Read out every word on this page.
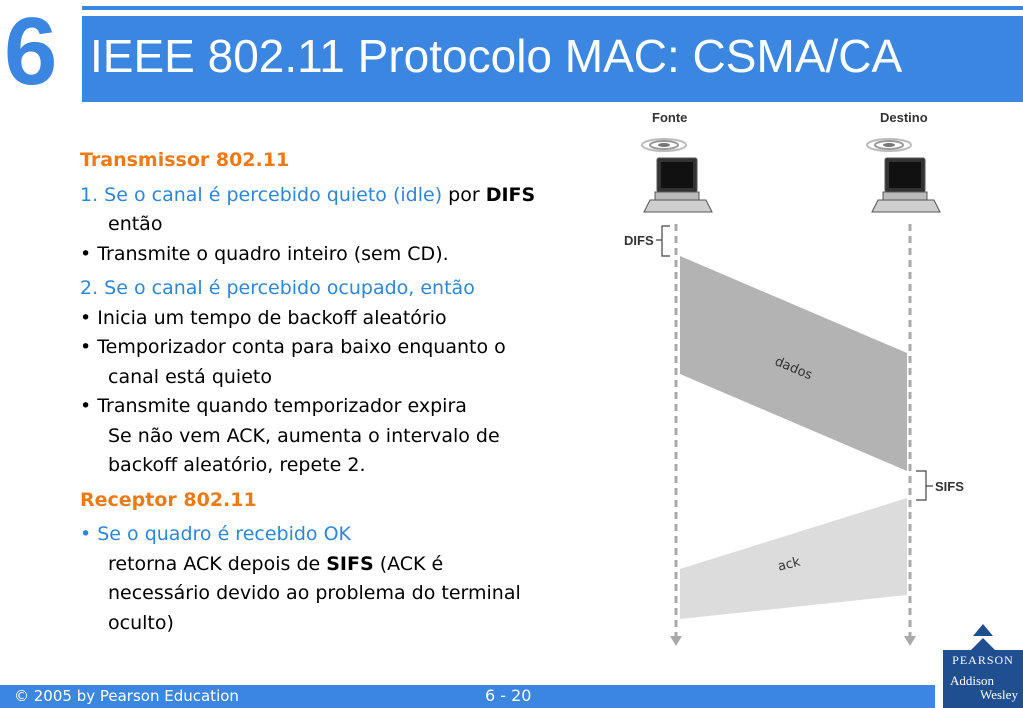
6 IEEE 802.11 Protocolo MAC: CSMA/CA

Transmissor 802.11

1. Se o canal é percebido quieto (idle) por DIFS

então

• Transmite o quadro inteiro (sem CD).

2. Se o canal é percebido ocupado, então

• Inicia um tempo de backoff aleatório

• Temporizador conta para baixo enquanto o

canal está quieto

• Transmite quando temporizador expira

Se não vem ACK, aumenta o intervalo de

backoff aleatório, repete 2.

Receptor 802.11

• Se o quadro é recebido OK

retorna ACK depois de SIFS (ACK é

necessário devido ao problema do terminal

oculto)

Fonte	Destino
dados
ack
DIFS
SIFS
© 2005 by Pearson Education	6 - 20
PEARSON
Addison
Wesley
